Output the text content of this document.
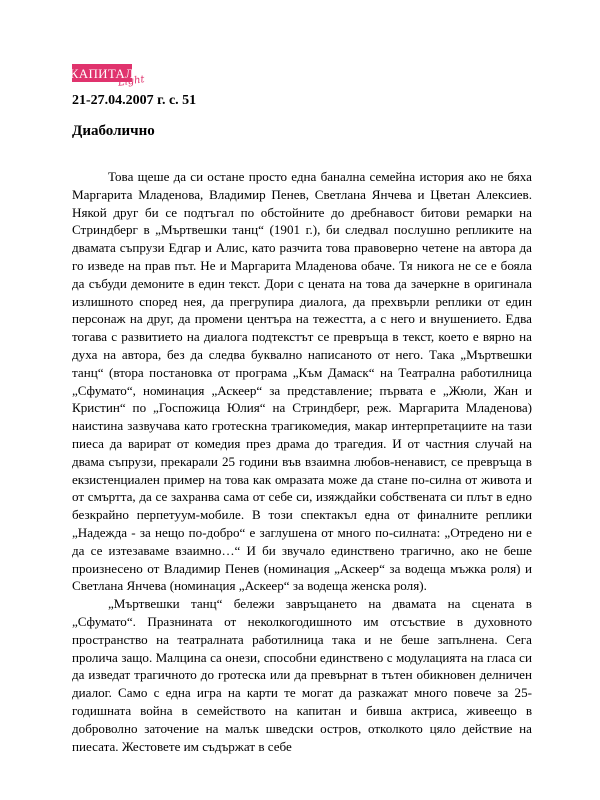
КАПИТАЛ
Light
21-27.04.2007 г. с. 51
Диаболично

Това щеше да си остане просто една банална семейна история ако не бяха Маргарита Младенова, Владимир Пенев, Светлана Янчева и Цветан Алексиев. Някой друг би се подтъгал по обстойните до дребнавост битови ремарки на Стриндберг в „Мъртвешки танц“ (1901 г.), би следвал послушно репликите на двамата съпрузи Едгар и Алис, като разчита това правоверно четене на автора да го изведе на прав път. Не и Маргарита Младенова обаче. Тя никога не се е бояла да събуди демоните в един текст. Дори с цената на това да зачеркне в оригинала излишното според нея, да прегрупира диалога, да прехвърли реплики от един персонаж на друг, да промени центъра на тежестта, а с него и внушението. Едва тогава с развитието на диалога подтекстът се превръща в текст, което е вярно на духа на автора, без да следва буквално написаното от него. Така „Мъртвешки танц“ (втора постановка от програма „Към Дамаск“ на Театрална работилница „Сфумато“, номинация „Аскеер“ за представление; първата е „Жюли, Жан и Кристин“ по „Госпожица Юлия“ на Стриндберг, реж. Маргарита Младенова) наистина зазвучава като гротескна трагикомедия, макар интерпретациите на тази пиеса да варират от комедия през драма до трагедия. И от частния случай на двама съпрузи, прекарали 25 години във взаимна любов-ненавист, се превръща в екзистенциален пример на това как омразата може да стане по-силна от живота и от смъртта, да се захранва сама от себе си, изяждайки собствената си плът в едно безкрайно перпетуум-мобиле. В този спектакъл една от финалните реплики „Надежда - за нещо по-добро“ е заглушена от много по-силната: „Отредено ни е да се изтезаваме взаимно…“ И би звучало единствено трагично, ако не беше произнесено от Владимир Пенев (номинация „Аскеер“ за водеща мъжка роля) и Светлана Янчева (номинация „Аскеер“ за водеща женска роля).

„Мъртвешки танц“ бележи завръщането на двамата на сцената в „Сфумато“. Празнината от неколкогодишното им отсъствие в духовното пространство на театралната работилница така и не беше запълнена. Сега пролича защо. Малцина са онези, способни единствено с модулацията на гласа си да изведат трагичното до гротеска или да превърнат в тътен обикновен делничен диалог. Само с една игра на карти те могат да разкажат много повече за 25-годишната война в семейството на капитан и бивша актриса, живеещо в доброволно заточение на малък шведски остров, отколкото цяло действие на пиесата. Жестовете им съдържат в себе
